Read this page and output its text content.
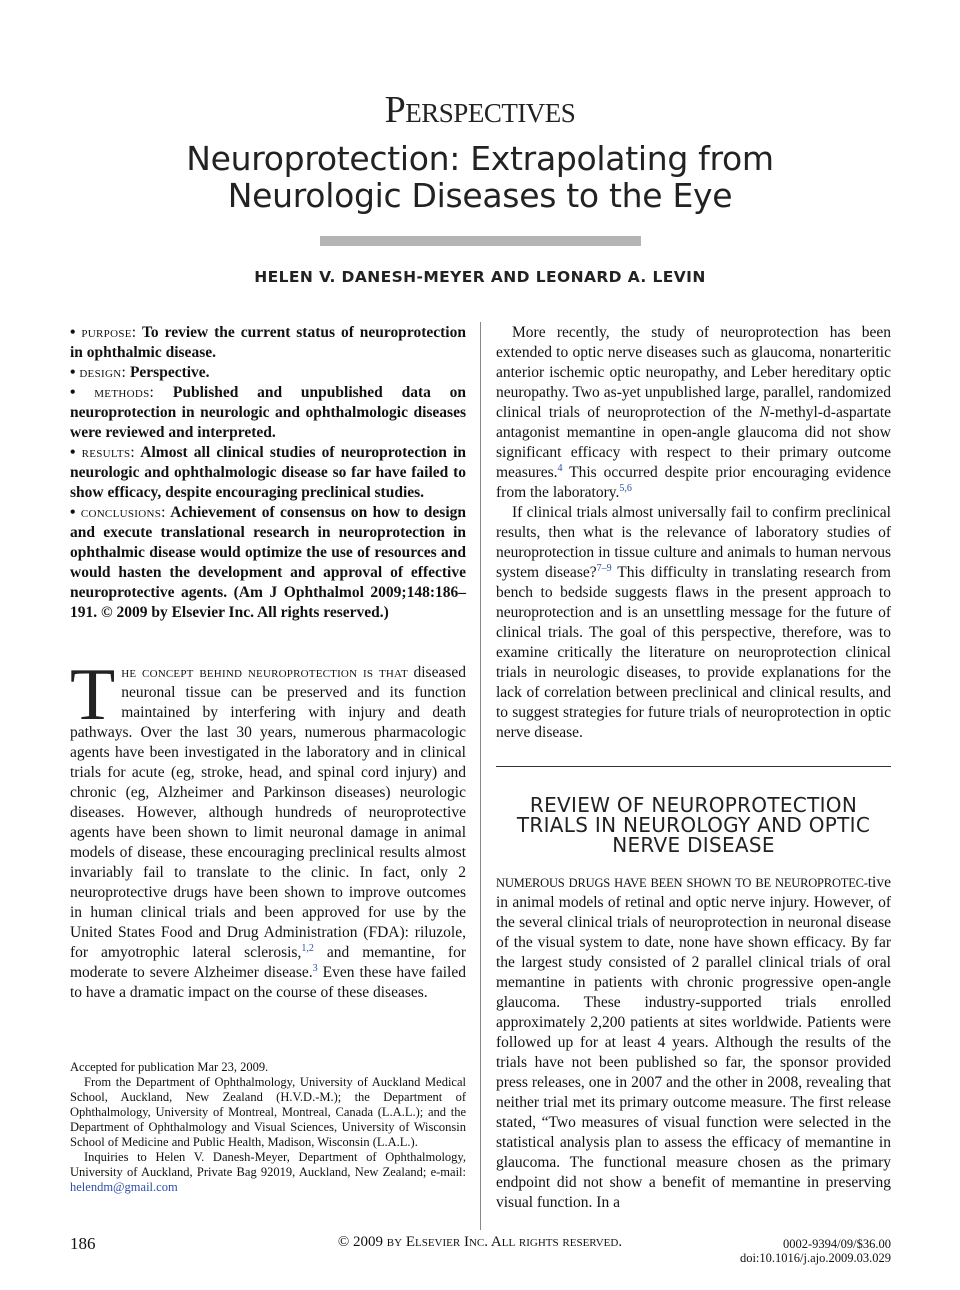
Perspectives
Neuroprotection: Extrapolating from Neurologic Diseases to the Eye
HELEN V. DANESH-MEYER AND LEONARD A. LEVIN

• purpose: To review the current status of neuroprotection in ophthalmic disease.

• design: Perspective.

• methods: Published and unpublished data on neuroprotection in neurologic and ophthalmologic diseases were reviewed and interpreted.

• results: Almost all clinical studies of neuroprotection in neurologic and ophthalmologic disease so far have failed to show efficacy, despite encouraging preclinical studies.

• conclusions: Achievement of consensus on how to design and execute translational research in neuroprotection in ophthalmic disease would optimize the use of resources and would hasten the development and approval of effective neuroprotective agents. (Am J Ophthalmol 2009;148:186–191. © 2009 by Elsevier Inc. All rights reserved.)

The concept behind neuroprotection is that diseased neuronal tissue can be preserved and its function maintained by interfering with injury and death pathways. Over the last 30 years, numerous pharmacologic agents have been investigated in the laboratory and in clinical trials for acute (eg, stroke, head, and spinal cord injury) and chronic (eg, Alzheimer and Parkinson diseases) neurologic diseases. However, although hundreds of neuroprotective agents have been shown to limit neuronal damage in animal models of disease, these encouraging preclinical results almost invariably fail to translate to the clinic. In fact, only 2 neuroprotective drugs have been shown to improve outcomes in human clinical trials and been approved for use by the United States Food and Drug Administration (FDA): riluzole, for amyotrophic lateral sclerosis,$^{1,2}$ and memantine, for moderate to severe Alzheimer disease.$^3$ Even these have failed to have a dramatic impact on the course of these diseases.

Accepted for publication Mar 23, 2009.

From the Department of Ophthalmology, University of Auckland Medical School, Auckland, New Zealand (H.V.D.-M.); the Department of Ophthalmology, University of Montreal, Montreal, Canada (L.A.L.); and the Department of Ophthalmology and Visual Sciences, University of Wisconsin School of Medicine and Public Health, Madison, Wisconsin (L.A.L.).

Inquiries to Helen V. Danesh-Meyer, Department of Ophthalmology, University of Auckland, Private Bag 92019, Auckland, New Zealand; e-mail: helendm@gmail.com

More recently, the study of neuroprotection has been extended to optic nerve diseases such as glaucoma, nonarteritic anterior ischemic optic neuropathy, and Leber hereditary optic neuropathy. Two as-yet unpublished large, parallel, randomized clinical trials of neuroprotection of the N-methyl-d-aspartate antagonist memantine in open-angle glaucoma did not show significant efficacy with respect to their primary outcome measures.$^4$ This occurred despite prior encouraging evidence from the laboratory.$^{5,6}$

If clinical trials almost universally fail to confirm preclinical results, then what is the relevance of laboratory studies of neuroprotection in tissue culture and animals to human nervous system disease?$^{7-9}$ This difficulty in translating research from bench to bedside suggests flaws in the present approach to neuroprotection and is an unsettling message for the future of clinical trials. The goal of this perspective, therefore, was to examine critically the literature on neuroprotection clinical trials in neurologic diseases, to provide explanations for the lack of correlation between preclinical and clinical results, and to suggest strategies for future trials of neuroprotection in optic nerve disease.

REVIEW OF NEUROPROTECTION TRIALS IN NEUROLOGY AND OPTIC NERVE DISEASE

NUMEROUS DRUGS HAVE BEEN SHOWN TO BE NEUROPROTEC-tive in animal models of retinal and optic nerve injury. However, of the several clinical trials of neuroprotection in neuronal disease of the visual system to date, none have shown efficacy. By far the largest study consisted of 2 parallel clinical trials of oral memantine in patients with chronic progressive open-angle glaucoma. These industry-supported trials enrolled approximately 2,200 patients at sites worldwide. Patients were followed up for at least 4 years. Although the results of the trials have not been published so far, the sponsor provided press releases, one in 2007 and the other in 2008, revealing that neither trial met its primary outcome measure. The first release stated, “Two measures of visual function were selected in the statistical analysis plan to assess the efficacy of memantine in glaucoma. The functional measure chosen as the primary endpoint did not show a benefit of memantine in preserving visual function. In a

186	© 2009 by Elsevier Inc. All rights reserved.	0002-9394/09/$36.00
doi:10.1016/j.ajo.2009.03.029
